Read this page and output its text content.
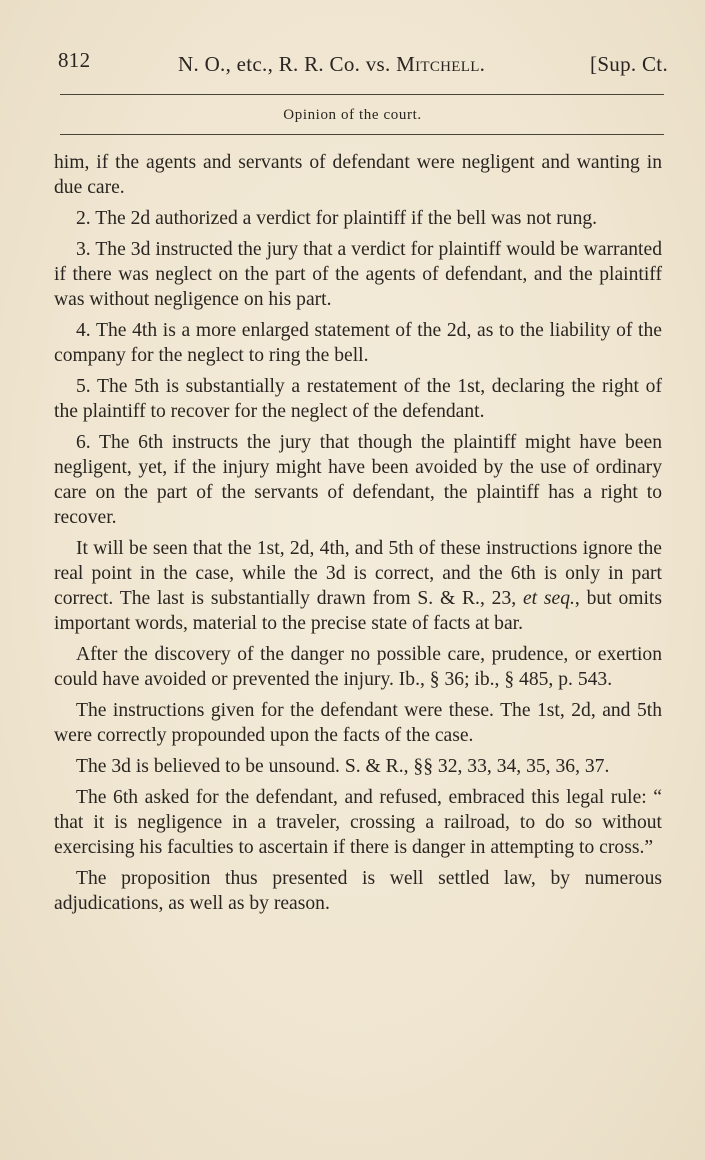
812	N. O., etc., R. R. Co. vs. Mitchell.	[Sup. Ct.
Opinion of the court.

him, if the agents and servants of defendant were negligent and wanting in due care.

2. The 2d authorized a verdict for plaintiff if the bell was not rung.

3. The 3d instructed the jury that a verdict for plaintiff would be warranted if there was neglect on the part of the agents of defendant, and the plaintiff was without negligence on his part.

4. The 4th is a more enlarged statement of the 2d, as to the liability of the company for the neglect to ring the bell.

5. The 5th is substantially a restatement of the 1st, declaring the right of the plaintiff to recover for the neglect of the defendant.

6. The 6th instructs the jury that though the plaintiff might have been negligent, yet, if the injury might have been avoided by the use of ordinary care on the part of the servants of defendant, the plaintiff has a right to recover.

It will be seen that the 1st, 2d, 4th, and 5th of these instructions ignore the real point in the case, while the 3d is correct, and the 6th is only in part correct. The last is substantially drawn from S. & R., 23, et seq., but omits important words, material to the precise state of facts at bar.

After the discovery of the danger no possible care, prudence, or exertion could have avoided or prevented the injury. Ib., § 36; ib., § 485, p. 543.

The instructions given for the defendant were these. The 1st, 2d, and 5th were correctly propounded upon the facts of the case.

The 3d is believed to be unsound. S. & R., §§ 32, 33, 34, 35, 36, 37.

The 6th asked for the defendant, and refused, embraced this legal rule: “ that it is negligence in a traveler, crossing a railroad, to do so without exercising his faculties to ascertain if there is danger in attempting to cross.”

The proposition thus presented is well settled law, by numerous adjudications, as well as by reason.
